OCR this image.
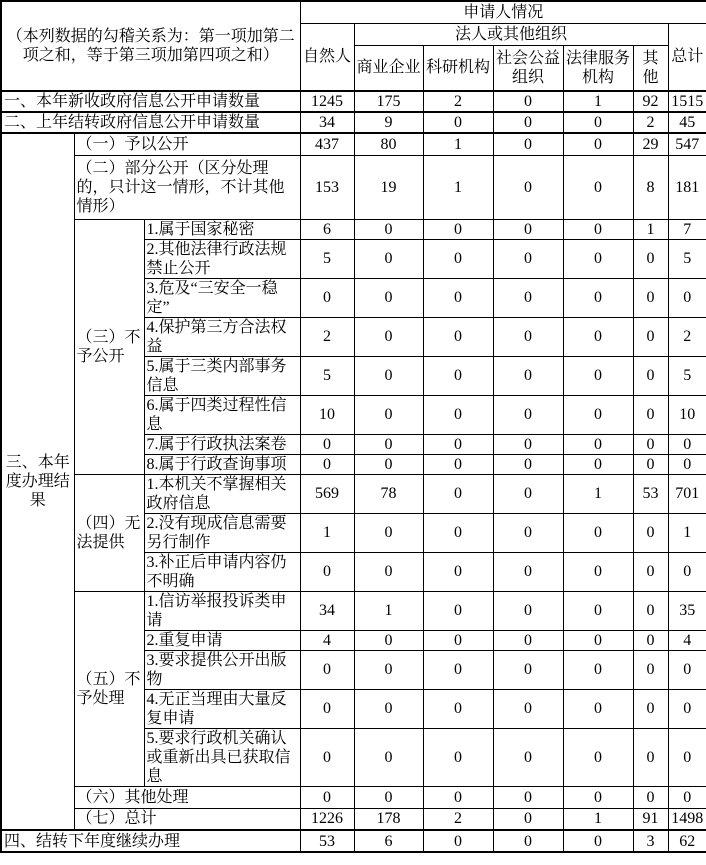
（本列数据的勾稽关系为：第一项加第二项之和，等于第三项加第四项之和）			申请人情况						
			自然人	法人或其他组织					总计
				商业企业	科研机构	社会公益组织	法律服务机构	其他	
一、本年新收政府信息公开申请数量			1245	175	2	0	1	92	1515
二、上年结转政府信息公开申请数量			34	9	0	0	0	2	45
三、本年度办理结果	（一）予以公开		437	80	1	0	0	29	547
	（二）部分公开（区分处理的，只计这一情形，不计其他情形）		153	19	1	0	0	8	181
	（三）不予公开	1.属于国家秘密	6	0	0	0	0	1	7
		2.其他法律行政法规禁止公开	5	0	0	0	0	0	5
		3.危及“三安全一稳定”	0	0	0	0	0	0	0
		4.保护第三方合法权益	2	0	0	0	0	0	2
		5.属于三类内部事务信息	5	0	0	0	0	0	5
		6.属于四类过程性信息	10	0	0	0	0	0	10
		7.属于行政执法案卷	0	0	0	0	0	0	0
		8.属于行政查询事项	0	0	0	0	0	0	0
	（四）无法提供	1.本机关不掌握相关政府信息	569	78	0	0	1	53	701
		2.没有现成信息需要另行制作	1	0	0	0	0	0	1
		3.补正后申请内容仍不明确	0	0	0	0	0	0	0
	（五）不予处理	1.信访举报投诉类申请	34	1	0	0	0	0	35
		2.重复申请	4	0	0	0	0	0	4
		3.要求提供公开出版物	0	0	0	0	0	0	0
		4.无正当理由大量反复申请	0	0	0	0	0	0	0
		5.要求行政机关确认或重新出具已获取信息	0	0	0	0	0	0	0
	（六）其他处理		0	0	0	0	0	0	0
	（七）总计		1226	178	2	0	1	91	1498
四、结转下年度继续办理			53	6	0	0	0	3	62
